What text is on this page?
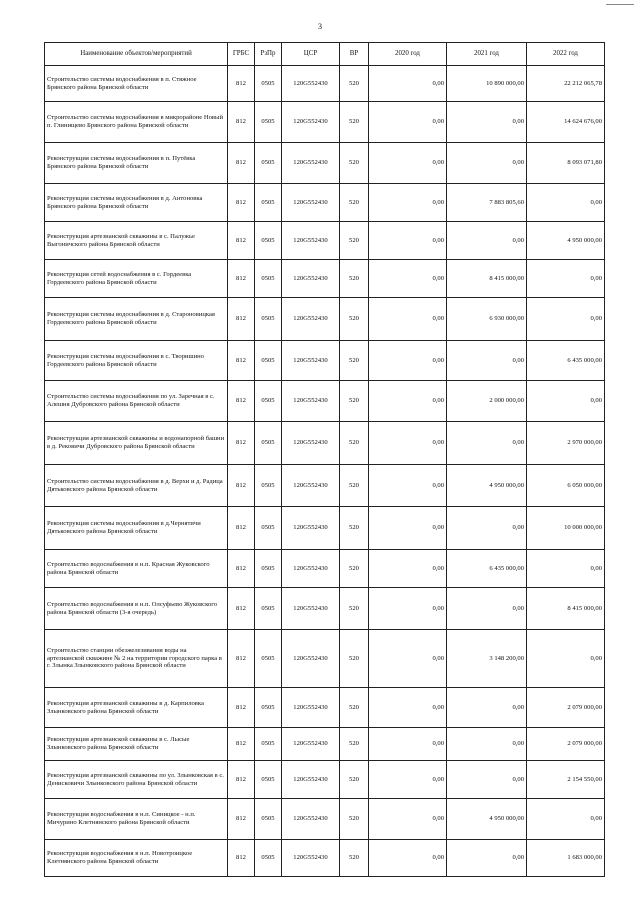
3
Наименование объектов/мероприятий	ГРБС	РзПр	ЦСР	ВР	2020 год	2021 год	2022 год
Строительство системы водоснабжения в п. Стяжное Брянского района Брянской области	812	0505	120G552430	520	0,00	10 890 000,00	22 212 065,78
Строительство системы водоснабжения в микрорайоне Новый п. Глинищево Брянского района Брянской области	812	0505	120G552430	520	0,00	0,00	14 624 676,00
Реконструкция системы водоснабжения в п. Путёвка Брянского района Брянской области	812	0505	120G552430	520	0,00	0,00	8 093 071,80
Реконструкция системы водоснабжения в д. Антоновка Брянского района Брянской области	812	0505	120G552430	520	0,00	7 883 805,60	0,00
Реконструкция артезианской скважины в с. Палужье Выгоничского района Брянской области	812	0505	120G552430	520	0,00	0,00	4 950 000,00
Реконструкция сетей водоснабжения в с. Гордеевка Гордеевского района Брянской области	812	0505	120G552430	520	0,00	8 415 000,00	0,00
Реконструкция системы водоснабжения в д. Староновицкая Гордеевского района Брянской области	812	0505	120G552430	520	0,00	6 930 000,00	0,00
Реконструкция системы водоснабжения в с. Творишино Гордеевского района Брянской области	812	0505	120G552430	520	0,00	0,00	6 435 000,00
Строительство системы водоснабжения по ул. Заречная в с. Алешня Дубровского района Брянской области	812	0505	120G552430	520	0,00	2 000 000,00	0,00
Реконструкция артезианской скважины и водонапорной башни в д. Рековичи Дубровского района Брянской области	812	0505	120G552430	520	0,00	0,00	2 970 000,00
Строительство системы водоснабжения в д. Верхи и д. Радица Дятьковского района Брянской области	812	0505	120G552430	520	0,00	4 950 000,00	6 050 000,00
Реконструкция системы водоснабжения в д.Чернятичи Дятьковского района Брянской области	812	0505	120G552430	520	0,00	0,00	10 000 000,00
Строительство водоснабжения в н.п. Красная Жуковского района Брянской области	812	0505	120G552430	520	0,00	6 435 000,00	0,00
Строительство водоснабжения в н.п. Олсуфьево Жуковского района Брянской области (3-я очередь)	812	0505	120G552430	520	0,00	0,00	8 415 000,00
Строительство станции обезжелезивания воды на артезианской скважине № 2 на территории городского парка в г. Злынка Злынковского района Брянской области	812	0505	120G552430	520	0,00	3 148 200,00	0,00
Реконструкция артезианской скважины в д. Карпиловка Злынковского района Брянской области	812	0505	120G552430	520	0,00	0,00	2 079 000,00
Реконструкция артезианской скважины в с. Лысые Злынковского района Брянской области	812	0505	120G552430	520	0,00	0,00	2 079 000,00
Реконструкция артезианской скважины по ул. Злынковская в с. Денисковичи Злынковского района Брянской области	812	0505	120G552430	520	0,00	0,00	2 154 550,00
Реконструкция водоснабжения в н.п. Синицкое - н.п. Мичурино Клетнянского района Брянской области	812	0505	120G552430	520	0,00	4 950 000,00	0,00
Реконструкция водоснабжения в н.п. Новотроицкое Клетнянского района Брянской области	812	0505	120G552430	520	0,00	0,00	1 683 000,00
